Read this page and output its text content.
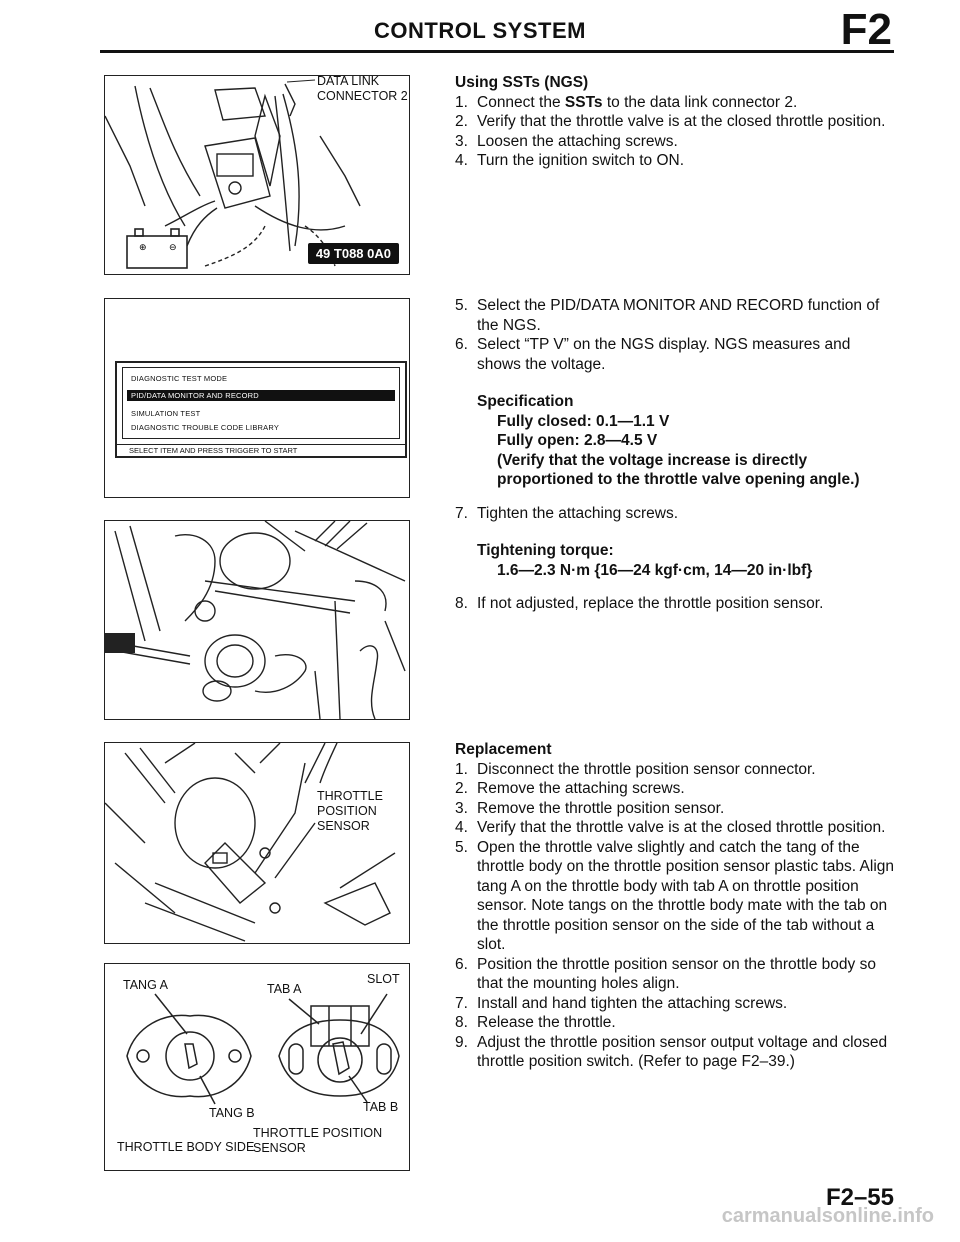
CONTROL SYSTEM	F2
⊕ ⊖
DATA LINK
CONNECTOR 2
49 T088 0A0
DIAGNOSTIC TEST MODE
PID/DATA MONITOR AND RECORD
SIMULATION TEST
DIAGNOSTIC TROUBLE CODE LIBRARY
SELECT ITEM AND PRESS TRIGGER TO START
THROTTLE
POSITION
SENSOR
TANG A	TAB A
SLOT
TANG B	TAB B
THROTTLE BODY SIDE
THROTTLE POSITION
SENSOR
Using SSTs (NGS)
1. Connect the SSTs to the data link connector 2.
2. Verify that the throttle valve is at the closed throttle position.
3. Loosen the attaching screws.
4. Turn the ignition switch to ON.
5. Select the PID/DATA MONITOR AND RECORD function of the NGS.
6. Select “TP V” on the NGS display. NGS measures and shows the voltage.
Specification
Fully closed: 0.1—1.1 V
Fully open: 2.8—4.5 V
(Verify that the voltage increase is directly proportioned to the throttle valve opening angle.)
7. Tighten the attaching screws.
Tightening torque:
1.6—2.3 N·m {16—24 kgf·cm, 14—20 in·lbf}
8. If not adjusted, replace the throttle position sensor.
Replacement
1. Disconnect the throttle position sensor connector.
2. Remove the attaching screws.
3. Remove the throttle position sensor.
4. Verify that the throttle valve is at the closed throttle position.
5. Open the throttle valve slightly and catch the tang of the throttle body on the throttle position sensor plastic tabs. Align tang A on the throttle body with tab A on throttle position sensor. Note tangs on the throttle body mate with the tab on the throttle position sensor on the side of the tab without a slot.
6. Position the throttle position sensor on the throttle body so that the mounting holes align.
7. Install and hand tighten the attaching screws.
8. Release the throttle.
9. Adjust the throttle position sensor output voltage and closed throttle position switch. (Refer to page F2–39.)
F2–55
carmanualsonline.info
